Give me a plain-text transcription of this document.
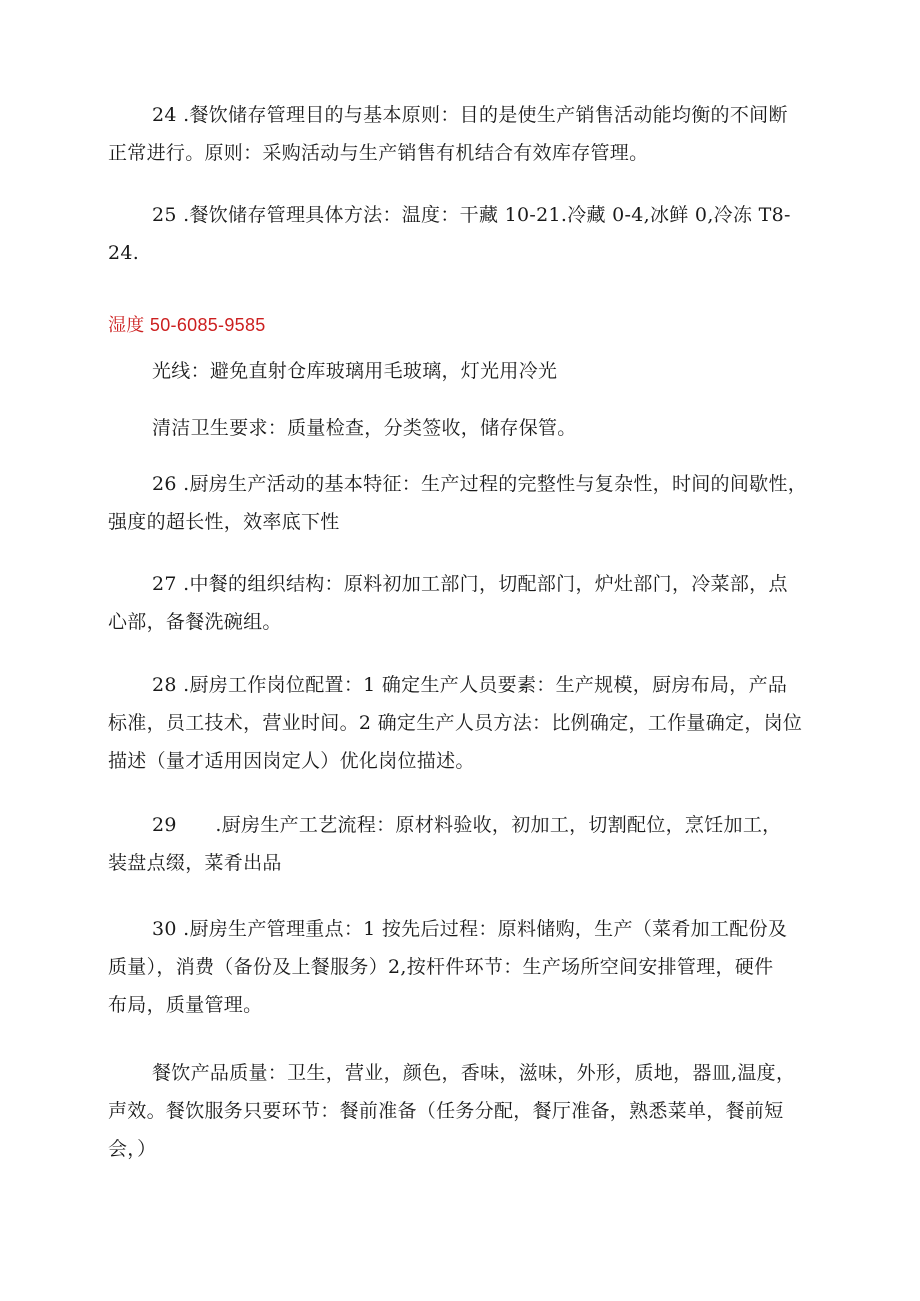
24 .餐饮储存管理目的与基本原则：目的是使生产销售活动能均衡的不间断
正常进行。原则：采购活动与生产销售有机结合有效库存管理。
25 .餐饮储存管理具体方法：温度：干藏 10-21.冷藏 0-4,冰鲜 0,冷冻 T8-
24.
湿度 50-6085-9585
光线：避免直射仓库玻璃用毛玻璃，灯光用冷光
清洁卫生要求：质量检查，分类签收，储存保管。
26 .厨房生产活动的基本特征：生产过程的完整性与复杂性，时间的间歇性，
强度的超长性，效率底下性
27 .中餐的组织结构：原料初加工部门，切配部门，炉灶部门，冷菜部，点
心部，备餐洗碗组。
28 .厨房工作岗位配置：1 确定生产人员要素：生产规模，厨房布局，产品
标准，员工技术，营业时间。2 确定生产人员方法：比例确定，工作量确定，岗位
描述（量才适用因岗定人）优化岗位描述。
29　　.厨房生产工艺流程：原材料验收，初加工，切割配位，烹饪加工，
装盘点缀，菜肴出品
30 .厨房生产管理重点：1 按先后过程：原料储购，生产（菜肴加工配份及
质量），消费（备份及上餐服务）2,按杆件环节：生产场所空间安排管理，硬件
布局，质量管理。
餐饮产品质量：卫生，营业，颜色，香味，滋味，外形，质地，器皿,温度，
声效。餐饮服务只要环节：餐前准备（任务分配，餐厅准备，熟悉菜单，餐前短
会，）
